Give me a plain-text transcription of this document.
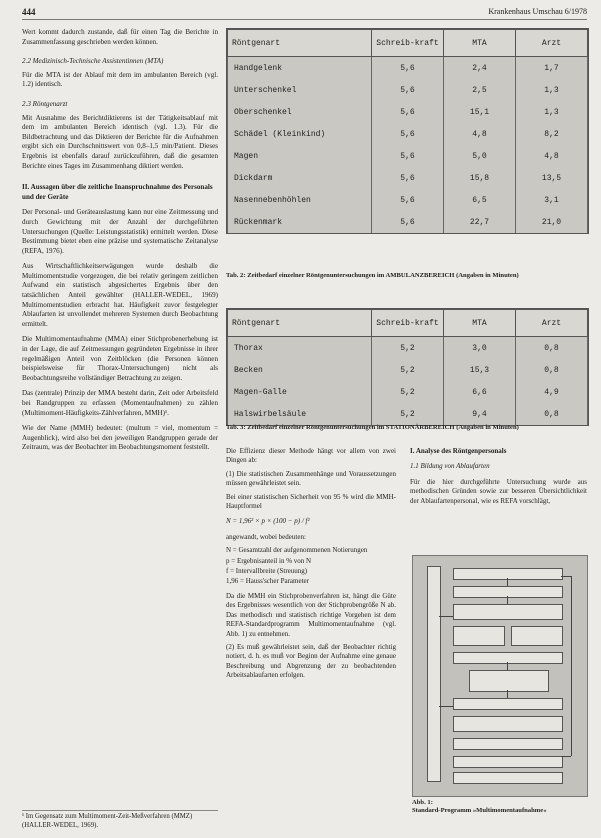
444	Krankenhaus Umschau 6/1978

Wert kommt dadurch zustande, daß für einen Tag die Berichte in Zusammenfassung geschrieben werden können.

2.2 Medizinisch-Technische Assistentinnen (MTA)

Für die MTA ist der Ablauf mit dem im ambulanten Bereich (vgl. 1.2) identisch.

2.3 Röntgenarzt

Mit Ausnahme des Berichtdiktierens ist der Tätigkeitsablauf mit dem im ambulanten Bereich identisch (vgl. 1.3). Für die Bildbetrachtung und das Diktieren der Berichte für die Aufnahmen ergibt sich ein Durchschnittswert von 0,8–1,5 min/Patient. Dieses Ergebnis ist ebenfalls darauf zurückzuführen, daß die gesamten Berichte eines Tages im Zusammenhang diktiert werden.

II. Aussagen über die zeitliche Inanspruchnahme des Personals und der Geräte

Der Personal- und Geräteauslastung kann nur eine Zeitmessung und durch Gewichtung mit der Anzahl der durchgeführten Untersuchungen (Quelle: Leistungsstatistik) ermittelt werden. Diese Bestimmung bietet eben eine präzise und systematische Zeitanalyse (REFA, 1976).

Aus Wirtschaftlichkeitserwägungen wurde deshalb die Multimomentstudie vorgezogen, die bei relativ geringem zeitlichen Aufwand ein statistisch abgesichertes Ergebnis über den tatsächlichen Anteil gewählter (HALLER-WEDEL, 1969) Multimomentstudien erbracht hat. Häufigkeit zuvor festgelegter Ablaufarten ist unvollendet mehreren Systemen durch Beobachtung ermittelt.

Die Multimomentaufnahme (MMA) einer Stichprobenerhebung ist in der Lage, die auf Zeitmessungen gegründeten Ergebnisse in ihrer regelmäßigen Anteil von Zeitblöcken (die Personen können beispielsweise für Thorax-Untersuchungen) nicht als Beobachtungsreihe vollständiger Betrachtung zu zeigen.

Das (zentrale) Prinzip der MMA besteht darin, Zeit oder Arbeitsfeld bei Randgruppen zu erfassen (Momentaufnahmen) zu zählen (Multimoment-Häufigkeits-Zählverfahren, MMH)¹.

Wie der Name (MMH) bedeutet: (multum = viel, momentum = Augenblick), wird also bei den jeweiligen Randgruppen gerade der Zeitraum, was der Beobachter im Beobachtungsmoment feststellt.

¹ Im Gegensatz zum Multimoment-Zeit-Meßverfahren (MMZ) (HALLER-WEDEL, 1969).
Röntgenart	Schreib-kraft	MTA	Arzt
Handgelenk	5,6	2,4	1,7
Unterschenkel	5,6	2,5	1,3
Oberschenkel	5,6	15,1	1,3
Schädel (Kleinkind)	5,6	4,8	8,2
Magen	5,6	5,0	4,8
Dickdarm	5,6	15,8	13,5
Nasennebenhöhlen	5,6	6,5	3,1
Rückenmark	5,6	22,7	21,0
Tab. 2: Zeitbedarf einzelner Röntgenuntersuchungen im AMBULANZBEREICH (Angaben in Minuten)
Röntgenart	Schreib-kraft	MTA	Arzt
Thorax	5,2	3,0	0,8
Becken	5,2	15,3	0,8
Magen-Galle	5,2	6,6	4,9
Halswirbelsäule	5,2	9,4	0,8
Tab. 3: Zeitbedarf einzelner Röntgenuntersuchungen im STATIONÄRBEREICH (Angaben in Minuten)

Die Effizienz dieser Methode hängt vor allem von zwei Dingen ab:

(1) Die statistischen Zusammenhänge und Voraussetzungen müssen gewährleistet sein.

Bei einer statistischen Sicherheit von 95 % wird die MMH-Hauptformel

N = 1,96² × p × (100 − p) / f²

angewandt, wobei bedeuten:

N = Gesamtzahl der aufgenommenen Notierungen
p = Ergebnisanteil in % von N
f = Intervallbreite (Streuung)
1,96 = Hauss'scher Parameter

Da die MMH ein Stichprobenverfahren ist, hängt die Güte des Ergebnisses wesentlich von der Stichprobengröße N ab. Das methodisch und statistisch richtige Vorgehen ist dem REFA-Standardprogramm Multimomentaufnahme (vgl. Abb. 1) zu entnehmen.

(2) Es muß gewährleistet sein, daß der Beobachter richtig notiert, d. h. es muß vor Beginn der Aufnahme eine genaue Beschreibung und Abgrenzung der zu beobachtenden Arbeitsablaufarten erfolgen.

I. Analyse des Röntgenpersonals
1.1 Bildung von Ablaufarten

Für die hier durchgeführte Untersuchung wurde aus methodischen Gründen sowie zur besseren Übersichtlichkeit der Ablaufartenpersonal, wie es REFA vorschlägt,

Abb. 1:
Standard-Programm »Multimomentaufnahme«
